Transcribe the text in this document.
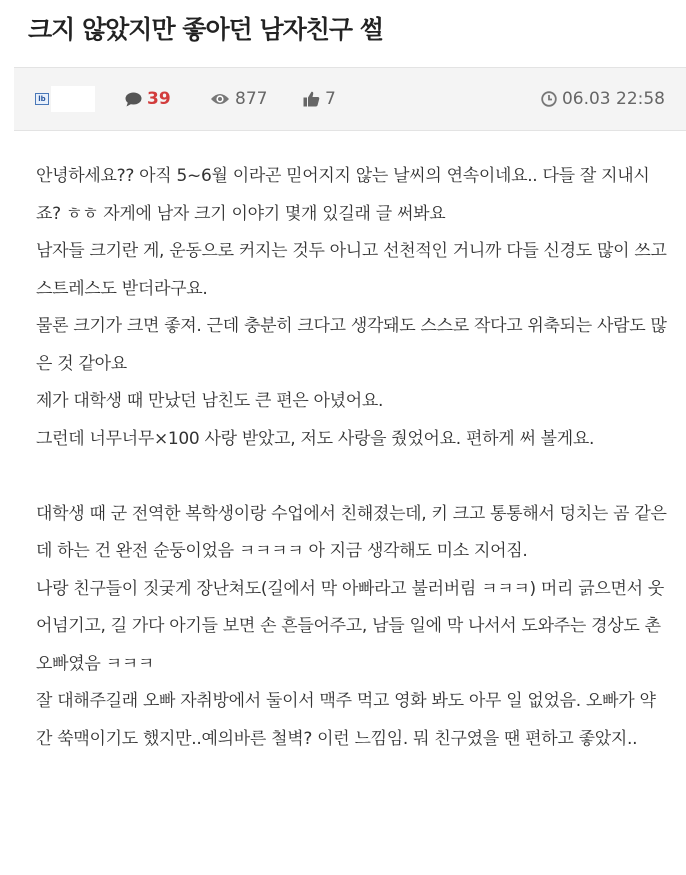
크지 않았지만 좋아던 남자친구 썰
lb	39	877	7	06.03 22:58

안녕하세요?? 아직 5~6월 이라곤 믿어지지 않는 날씨의 연속이네요.. 다들 잘 지내시죠? ㅎㅎ 자게에 남자 크기 이야기 몇개 있길래 글 써봐요

남자들 크기란 게, 운동으로 커지는 것두 아니고 선천적인 거니까 다들 신경도 많이 쓰고 스트레스도 받더라구요.

물론 크기가 크면 좋져. 근데 충분히 크다고 생각돼도 스스로 작다고 위축되는 사람도 많은 것 같아요

제가 대학생 때 만났던 남친도 큰 편은 아녔어요.

그런데 너무너무×100 사랑 받았고, 저도 사랑을 줬었어요. 편하게 써 볼게요.

대학생 때 군 전역한 복학생이랑 수업에서 친해졌는데, 키 크고 통통해서 덩치는 곰 같은데 하는 건 완전 순둥이었음 ㅋㅋㅋㅋ 아 지금 생각해도 미소 지어짐.

나랑 친구들이 짓궂게 장난쳐도(길에서 막 아빠라고 불러버림 ㅋㅋㅋ) 머리 긁으면서 웃어넘기고, 길 가다 아기들 보면 손 흔들어주고, 남들 일에 막 나서서 도와주는 경상도 촌오빠였음 ㅋㅋㅋ

잘 대해주길래 오빠 자취방에서 둘이서 맥주 먹고 영화 봐도 아무 일 없었음. 오빠가 약간 쑥맥이기도 했지만..예의바른 철벽? 이런 느낌임. 뭐 친구였을 땐 편하고 좋았지..
